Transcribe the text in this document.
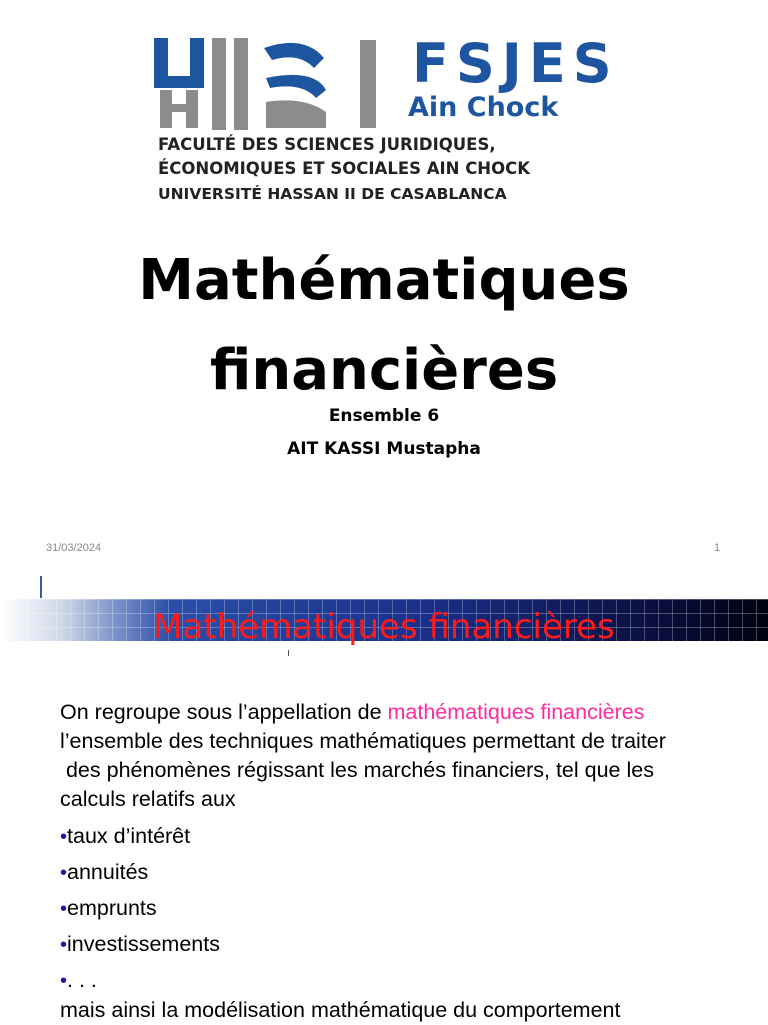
FSJES
Ain Chock
FACULTÉ DES SCIENCES JURIDIQUES,
ÉCONOMIQUES ET SOCIALES AIN CHOCK
UNIVERSITÉ HASSAN II DE CASABLANCA
Mathématiques
financières
Ensemble 6
AIT KASSI Mustapha
31/03/2024	1
Mathématiques financières
On regroupe sous l’appellation de mathématiques financières
l’ensemble des techniques mathématiques permettant de traiter
des phénomènes régissant les marchés financiers, tel que les
calculs relatifs aux
•taux d’intérêt
•annuités
•emprunts
•investissements
•. . .
mais ainsi la modélisation mathématique du comportement
